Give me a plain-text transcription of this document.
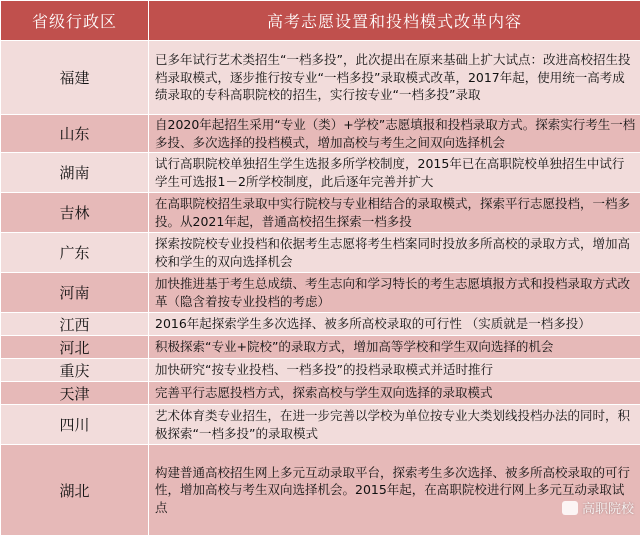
省级行政区	高考志愿设置和投档模式改革内容
福建	已多年试行艺术类招生“一档多投”，此次提出在原来基础上扩大试点：改进高校招生投档录取模式，逐步推行按专业“一档多投”录取模式改革，2017年起，使用统一高考成绩录取的专科高职院校的招生，实行按专业“一档多投”录取
山东	自2020年起招生采用“专业（类）+学校”志愿填报和投档录取方式。探索实行考生一档多投、多次选择的投档模式，增加高校与考生之间双向选择机会
湖南	试行高职院校单独招生学生选报多所学校制度，2015年已在高职院校单独招生中试行学生可选报1－2所学校制度，此后逐年完善并扩大
吉林	在高职院校招生录取中实行院校与专业相结合的录取模式，探索平行志愿投档，一档多投。从2021年起，普通高校招生探索一档多投
广东	探索按院校专业投档和依据考生志愿将考生档案同时投放多所高校的录取方式，增加高校和学生的双向选择机会
河南	加快推进基于考生总成绩、考生志向和学习特长的考生志愿填报方式和投档录取方式改革（隐含着按专业投档的考虑）
江西	2016年起探索学生多次选择、被多所高校录取的可行性 （实质就是一档多投）
河北	积极探索“专业+院校”的录取方式，增加高等学校和学生双向选择的机会
重庆	加快研究“按专业投档、一档多投”的投档录取模式并适时推行
天津	完善平行志愿投档方式，探索高校与学生双向选择的录取模式
四川	艺术体育类专业招生，在进一步完善以学校为单位按专业大类划线投档办法的同时，积极探索“一档多投”的录取模式
湖北	构建普通高校招生网上多元互动录取平台，探索考生多次选择、被多所高校录取的可行性，增加高校与考生双向选择机会。2015年起，在高职院校进行网上多元互动录取试点	高职院校
